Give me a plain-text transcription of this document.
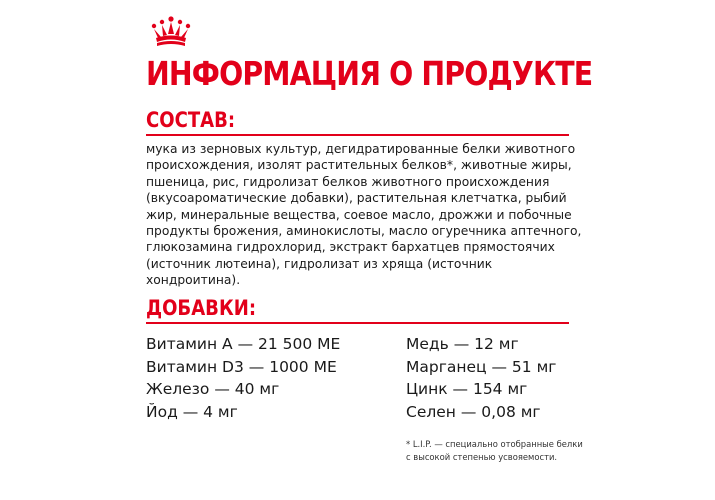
ИНФОРМАЦИЯ О ПРОДУКТЕ
СОСТАВ:

мука из зерновых культур, дегидратированные белки животного происхождения, изолят растительных белков*, животные жиры, пшеница, рис, гидролизат белков животного происхождения (вкусоароматические добавки), растительная клетчатка, рыбий жир, минеральные вещества, соевое масло, дрожжи и побочные продукты брожения, аминокислоты, масло огуречника аптечного, глюкозамина гидрохлорид, экстракт бархатцев прямостоячих (источник лютеина), гидролизат из хряща (источник хондроитина).

ДОБАВКИ:
Витамин А — 21 500 МЕ
Витамин D3 — 1000 МЕ
Железо — 40 мг
Йод — 4 мг
Медь — 12 мг
Марганец — 51 мг
Цинк — 154 мг
Селен — 0,08 мг
* L.I.P. — специально отобранные белки
с высокой степенью усвояемости.
